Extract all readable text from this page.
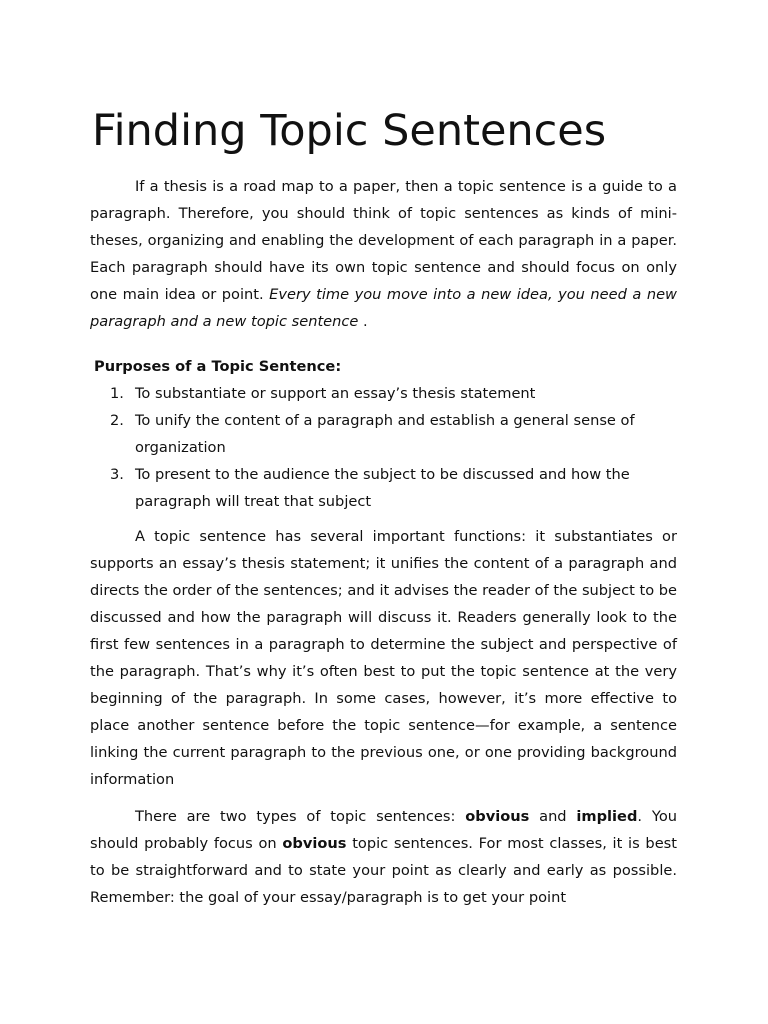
Finding Topic Sentences

If a thesis is a road map to a paper, then a topic sentence is a guide to a paragraph. Therefore, you should think of topic sentences as kinds of mini-theses, organizing and enabling the development of each paragraph in a paper. Each paragraph should have its own topic sentence and should focus on only one main idea or point. Every time you move into a new idea, you need a new paragraph and a new topic sentence .

Purposes of a Topic Sentence:

1. To substantiate or support an essay’s thesis statement
2. To unify the content of a paragraph and establish a general sense of organization
3. To present to the audience the subject to be discussed and how the paragraph will treat that subject

A topic sentence has several important functions: it substantiates or supports an essay’s thesis statement; it unifies the content of a paragraph and directs the order of the sentences; and it advises the reader of the subject to be discussed and how the paragraph will discuss it. Readers generally look to the first few sentences in a paragraph to determine the subject and perspective of the paragraph. That’s why it’s often best to put the topic sentence at the very beginning of the paragraph. In some cases, however, it’s more effective to place another sentence before the topic sentence—for example, a sentence linking the current paragraph to the previous one, or one providing background information

There are two types of topic sentences: obvious and implied. You should probably focus on obvious topic sentences. For most classes, it is best to be straightforward and to state your point as clearly and early as possible. Remember: the goal of your essay/paragraph is to get your point
